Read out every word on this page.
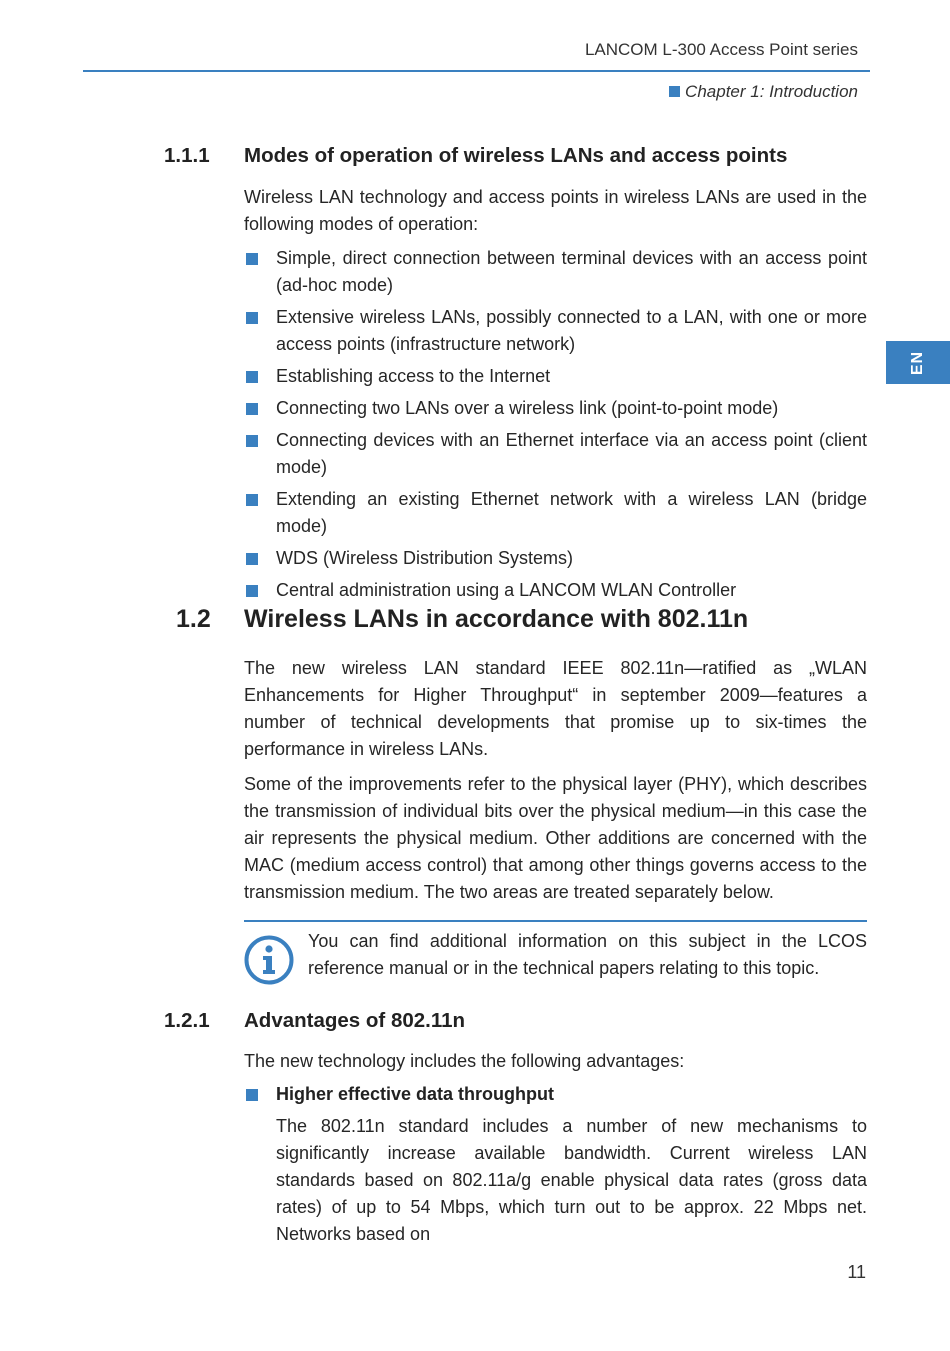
LANCOM L-300 Access Point series
Chapter 1: Introduction
EN
1.1.1 Modes of operation of wireless LANs and access points
Wireless LAN technology and access points in wireless LANs are used in the following modes of operation:
Simple, direct connection between terminal devices with an access point (ad-hoc mode)
Extensive wireless LANs, possibly connected to a LAN, with one or more access points (infrastructure network)
Establishing access to the Internet
Connecting two LANs over a wireless link (point-to-point mode)
Connecting devices with an Ethernet interface via an access point (client mode)
Extending an existing Ethernet network with a wireless LAN (bridge mode)
WDS (Wireless Distribution Systems)
Central administration using a LANCOM WLAN Controller
1.2 Wireless LANs in accordance with 802.11n
The new wireless LAN standard IEEE 802.11n—ratified as „WLAN Enhancements for Higher Throughput“ in september 2009—features a number of technical developments that promise up to six-times the performance in wireless LANs.
Some of the improvements refer to the physical layer (PHY), which describes the transmission of individual bits over the physical medium—in this case the air represents the physical medium. Other additions are concerned with the MAC (medium access control) that among other things governs access to the transmission medium. The two areas are treated separately below.
You can find additional information on this subject in the LCOS reference manual or in the technical papers relating to this topic.
1.2.1 Advantages of 802.11n
The new technology includes the following advantages:
Higher effective data throughput
The 802.11n standard includes a number of new mechanisms to significantly increase available bandwidth. Current wireless LAN standards based on 802.11a/g enable physical data rates (gross data rates) of up to 54 Mbps, which turn out to be approx. 22 Mbps net. Networks based on
11
